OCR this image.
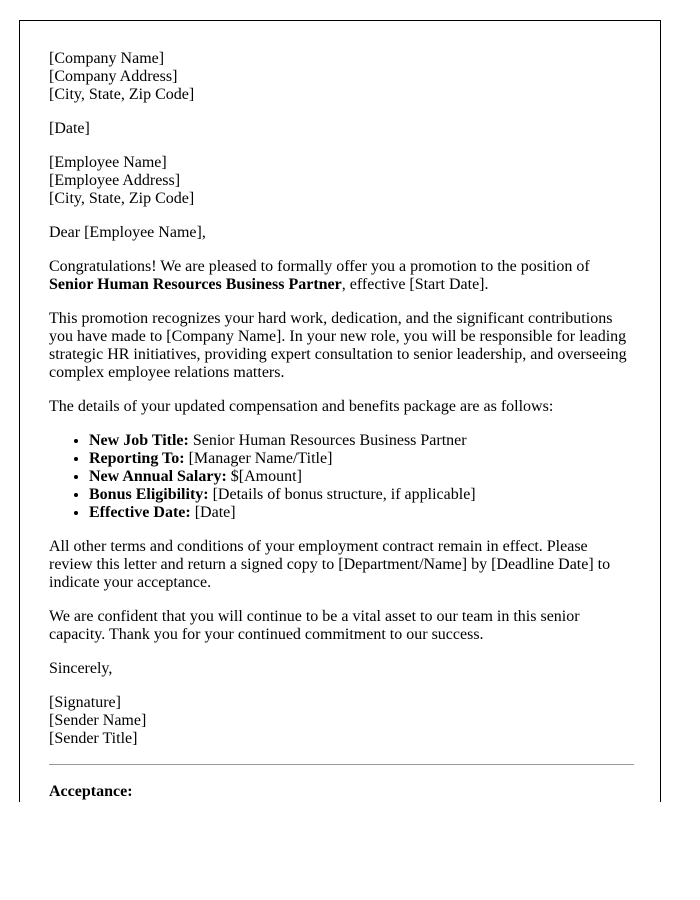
[Company Name]
[Company Address]
[City, State, Zip Code]
[Date]
[Employee Name]
[Employee Address]
[City, State, Zip Code]

Dear [Employee Name],

Congratulations! We are pleased to formally offer you a promotion to the position of Senior Human Resources Business Partner, effective [Start Date].

This promotion recognizes your hard work, dedication, and the significant contributions you have made to [Company Name]. In your new role, you will be responsible for leading strategic HR initiatives, providing expert consultation to senior leadership, and overseeing complex employee relations matters.

The details of your updated compensation and benefits package are as follows:

• New Job Title: Senior Human Resources Business Partner
• Reporting To: [Manager Name/Title]
• New Annual Salary: $[Amount]
• Bonus Eligibility: [Details of bonus structure, if applicable]
• Effective Date: [Date]

All other terms and conditions of your employment contract remain in effect. Please review this letter and return a signed copy to [Department/Name] by [Deadline Date] to indicate your acceptance.

We are confident that you will continue to be a vital asset to our team in this senior capacity. Thank you for your continued commitment to our success.

Sincerely,

[Signature]
[Sender Name]
[Sender Title]

Acceptance:
